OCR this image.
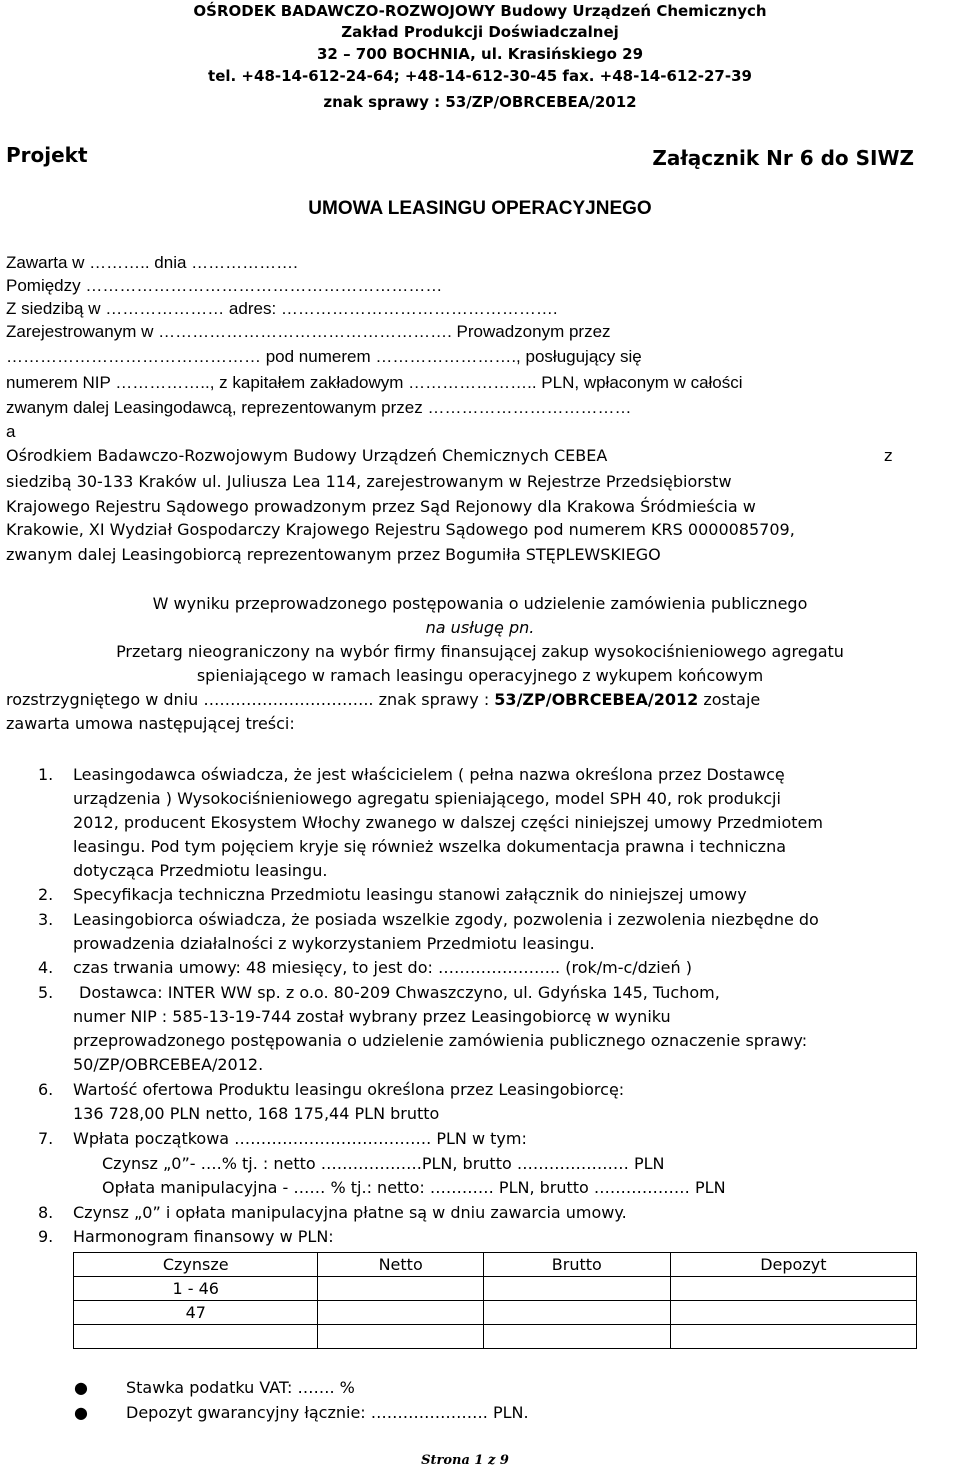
OŚRODEK BADAWCZO-ROZWOJOWY Budowy Urządzeń Chemicznych
Zakład Produkcji Doświadczalnej
32 – 700 BOCHNIA, ul. Krasińskiego 29
tel. +48-14-612-24-64; +48-14-612-30-45 fax. +48-14-612-27-39
znak sprawy : 53/ZP/OBRCEBEA/2012
Projekt	Załącznik Nr 6 do SIWZ
UMOWA LEASINGU OPERACYJNEGO
Zawarta w ……….. dnia ……………….
Pomiędzy ………………………………………………………
Z siedzibą w ………………… adres: ………………………………………….
Zarejestrowanym w ……………………………………………. Prowadzonym przez
……………………………………… pod numerem ……………………., posługujący się
numerem NIP …………….., z kapitałem zakładowym ………………….. PLN, wpłaconym w całości
zwanym dalej Leasingodawcą, reprezentowanym przez ………………………………
a
Ośrodkiem Badawczo-Rozwojowym Budowy Urządzeń Chemicznych CEBEA	z
siedzibą 30-133 Kraków ul. Juliusza Lea 114, zarejestrowanym w Rejestrze Przedsiębiorstw
Krajowego Rejestru Sądowego prowadzonym przez Sąd Rejonowy dla Krakowa Śródmieścia w
Krakowie, XI Wydział Gospodarczy Krajowego Rejestru Sądowego pod numerem KRS 0000085709,
zwanym dalej Leasingobiorcą reprezentowanym przez Bogumiła STĘPLEWSKIEGO
W wyniku przeprowadzonego postępowania o udzielenie zamówienia publicznego
na usługę pn.
Przetarg nieograniczony na wybór firmy finansującej zakup wysokociśnieniowego agregatu
spieniającego w ramach leasingu operacyjnego z wykupem końcowym
rozstrzygniętego w dniu ………………………….. znak sprawy : 53/ZP/OBRCEBEA/2012 zostaje
zawarta umowa następującej treści:
1. Leasingodawca oświadcza, że jest właścicielem ( pełna nazwa określona przez Dostawcę
urządzenia ) Wysokociśnieniowego agregatu spieniającego, model SPH 40, rok produkcji
2012, producent Ekosystem Włochy zwanego w dalszej części niniejszej umowy Przedmiotem
leasingu. Pod tym pojęciem kryje się również wszelka dokumentacja prawna i techniczna
dotycząca Przedmiotu leasingu.
2. Specyfikacja techniczna Przedmiotu leasingu stanowi załącznik do niniejszej umowy
3. Leasingobiorca oświadcza, że posiada wszelkie zgody, pozwolenia i zezwolenia niezbędne do
prowadzenia działalności z wykorzystaniem Przedmiotu leasingu.
4. czas trwania umowy: 48 miesięcy, to jest do: ………………….. (rok/m-c/dzień )
5. Dostawca: INTER WW sp. z o.o. 80-209 Chwaszczyno, ul. Gdyńska 145, Tuchom,
numer NIP : 585-13-19-744 został wybrany przez Leasingobiorcę w wyniku
przeprowadzonego postępowania o udzielenie zamówienia publicznego oznaczenie sprawy:
50/ZP/OBRCEBEA/2012.
6. Wartość ofertowa Produktu leasingu określona przez Leasingobiorcę:
136 728,00 PLN netto, 168 175,44 PLN brutto
7. Wpłata początkowa ………………………………. PLN w tym:
Czynsz „0”- ….% tj. : netto ……………….PLN, brutto ………………… PLN
Opłata manipulacyjna - …… % tj.: netto: ………… PLN, brutto ……………… PLN
8. Czynsz „0” i opłata manipulacyjna płatne są w dniu zawarcia umowy.
9. Harmonogram finansowy w PLN:
Czynsze	Netto	Brutto	Depozyt
1 - 46			
47			

● Stawka podatku VAT: ……. %
● Depozyt gwarancyjny łącznie: …………………. PLN.
Strona 1 z 9
